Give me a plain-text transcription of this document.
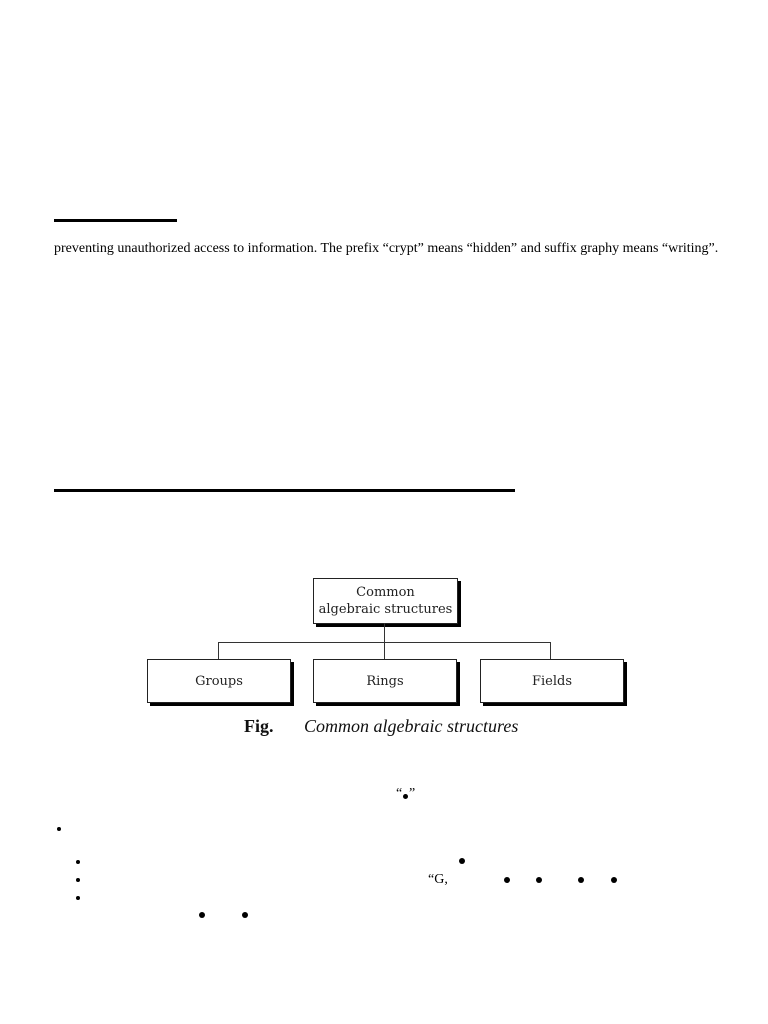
preventing unauthorized access to information. The prefix “crypt” means “hidden” and suffix graphy means “writing”.
Common
algebraic structures
Groups	Rings	Fields
Fig. Common algebraic structures
“ ”
“G,
